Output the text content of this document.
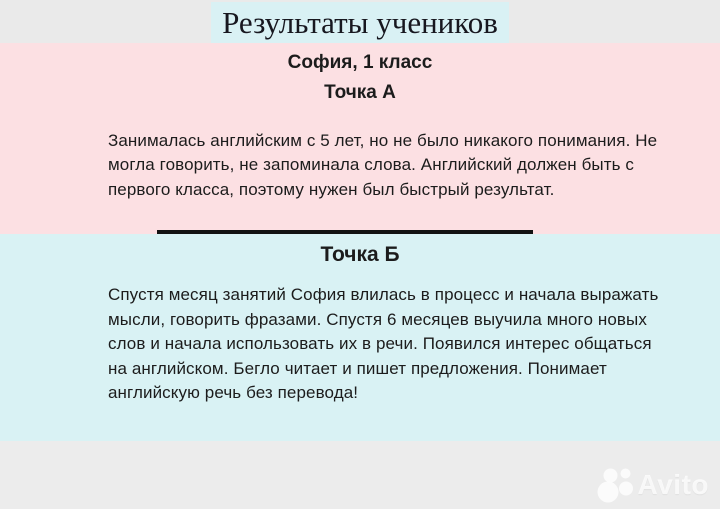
Результаты учеников
София, 1 класс
Точка А

Занималась английским с 5 лет, но не было никакого понимания. Не могла говорить, не запоминала слова. Английский должен быть с первого класса, поэтому нужен был быстрый результат.

Точка Б

Спустя месяц занятий София влилась в процесс и начала выражать мысли, говорить фразами. Спустя 6 месяцев выучила много новых слов и начала использовать их в речи. Появился интерес общаться на английском. Бегло читает и пишет предложения. Понимает английскую речь без перевода!

Avito
